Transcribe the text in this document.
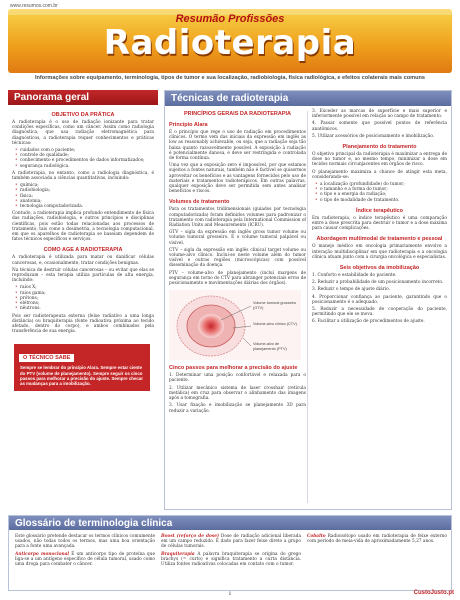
www.resumos.com.br
Resumão Profissões
Radioterapia
Informações sobre equipamento, terminologia, tipos de tumor e sua localização, radiobiologia, física radiológica, e efeitos colaterais mais comuns
Panorama geral
OBJETIVO DA PRÁTICA

A radioterapia é o uso de radiação ionizante para tratar condições específicas, como um câncer. Assim como radiologia diagnóstica, que usa radiação eletromagnética para diagnósticos, a radioterapia requer conhecimentos e práticas técnicas:

• cuidados com o paciente;
• controle de qualidade;
• conhecimento e procedimentos de dados informatizados;
• segurança radiológica.

A radioterapia, no entanto, como a radiologia diagnóstica, é também associada a ciências quantitativas, incluindo:

• química;
• radiobiologia;
• física;
• anatomia;
• tecnologia computadorizada.

Contudo, a radioterapia implica profundo entendimento de física das radiações, radiobiologia, e outros princípios e disciplinas científicas, pois estão todas relacionadas aos processos de tratamento, tais como a dosimetria, a tecnologia computacional, em que os aparelhos de radioterapia se baseiam dependem de fatos técnicos específicos e serviços.

COMO AGE A RADIOTERAPIA

A radioterapia é utilizada para matar ou danificar células cancerosas, e, ocasionalmente, tratar condições benignas.

Na técnica de destruir células cancerosas – ou evitar que elas se reproduzam – esta terapia utiliza partículas de alta energia, incluindo:

• raios X;
• raios gama;
• prótons;
• elétrons;
• nêutrons.

Pois ser radioterapeuta externa (feixe radiativo a uma longa distância) ou braquiterapia (fonte radioativa próxima ao tecido afetado, dentro do corpo), e ambos combinados pela transferência de sua energia.

O TÉCNICO SABE

Sempre se lembrar do princípio Alara. Sempre estar ciente do PTV (volume de planejamento). Sempre seguir os cinco passos para melhorar a precisão do ajuste. Sempre checar as mudanças para a imobilização.

Técnicas de radioterapia
PRINCÍPIOS GERAIS DA RADIOTERAPIA
Princípio Alara

É o princípio que rege o uso de radiação em procedimentos clínicos. O termo vem das iniciais da expressão em inglês as low as reasonably achievable, ou seja, que a radiação seja tão baixa quanto razoavelmente possível. A exposição à radiação é potencialmente danosa, e deve ser restringida e controlada de forma contínua.

Uma vez que a exposição zero é impossível, por que estamos sujeitos a fontes naturais, também não é factível se quisermos aproveitar os benefícios e as vantagens fornecidos pelo uso de materiais e tratamentos radioterápicos. Em outras palavras, qualquer exposição deve ser permitida sem antes analisar benefícios e riscos.

Volumes de tratamento

Para os tratamentos tridimensionais (guiados por tecnologia computadorizada) foram definidos volumes para padronizar o tratamento com radioterapia pela International Commission of Radiation Units and Measurements (ICRU).

GTV – sigla da expressão em inglês gross tumor volume ou volume tumoral grosseiro. É o volume tumoral palpável ou visível.

CTV – sigla da expressão em inglês clinical target volume ou volume-alvo clínico. Inclui-se neste volume além do tumor visível e outras regiões (microscópicas) com possível disseminação da doença.

PTV – volume-alvo de planejamento (incluí margens de segurança em torno do CTV para abranger potenciais erros de posicionamento e movimentações diárias dos órgãos).

Volume tumoral grosseiro (GTV)
Volume-alvo clínico (CTV)
Volume-alvo de planejamento (PTV)
Cinco passos para melhorar a precisão do ajuste

1. Determinar uma posição confortável e relaxada para o paciente.

2. Utilizar mecânico sistema de laser crosshair (retícula metálica) em cruz para observar o alinhamento das imagens após a tomografia.

3. Usar fixação e imobilização se planejamento 3D para reduzir a variação.

3. Exceder as marcas de superfície e mais superior e inferiormente possível em relação ao campo de tratamento.

4. Passar somente que possível pontos de referência anatômicos.

5. Utilizar acessórios de posicionamento e imobilização.

Planejamento do tratamento

O objetivo principal da radioterapia é maximizar a entrega de dose no tumor e, ao mesmo tempo, minimizar a dose em tecidos normais circunjacentes em órgãos de risco.

O planejamento maximiza a chance de atingir esta meta, considerando-se:

• a localização (profundidade) do tumor;
• o tamanho e a forma do tumor;
• o tipo e a energia da radiação;
• o tipo de modalidade de tratamento.
Índice terapêutico

Em radioterapia, o índice terapêutico é uma comparação entre a dose prescrita para destruir o tumor e a dose máxima para causar complicações.

Abordagem multimodal de tratamento e pessoal

O manejo médico em oncologia primariamente envolve a interação multidisciplinar em que radioterapia e a oncologia clínica atuam junto com a cirurgia oncológica e especialistas.

Seis objetivos da imobilização

1. Conforto e estabilidade do paciente.

2. Reduzir a probabilidade de um posicionamento incorreto.

3. Reduzir o tempo de ajuste diário.

4. Proporcionar confiança ao paciente, garantindo que o posicionamento é o adequado.

5. Reduzir a necessidade de cooperação do paciente, permitindo que ele se mova.

6. Facilitar a utilização de procedimentos de ajuste.

Glossário de terminologia clínica

Este glossário pretende destacar os termos clínicos comumente usados, não todas todos os termos, mas uma boa orientação para a fonte uma avançada.

Anticorpo monoclonal É um anticorpo tipo de proteína que liga-se a um antígeno específico de célula tumoral, usado como uma droga para combater o câncer.

Boost (reforço de dose) Dose de radiação adicional liberada em um campo reduzido. É dado para fazer feixe direto a grupo de células tumorais.

Braquiterapia A palavra braquiterapia se origina do grego brachys (= curto) e significa tratamento a curta distância. Utiliza fontes radioativas colocadas em contato com o tumor.

Cobalto Radioisótopo usado em radioterapia de feixe externo com período de meia-vida de aproximadamente 5,27 anos.

1	CustoJusto.pt
